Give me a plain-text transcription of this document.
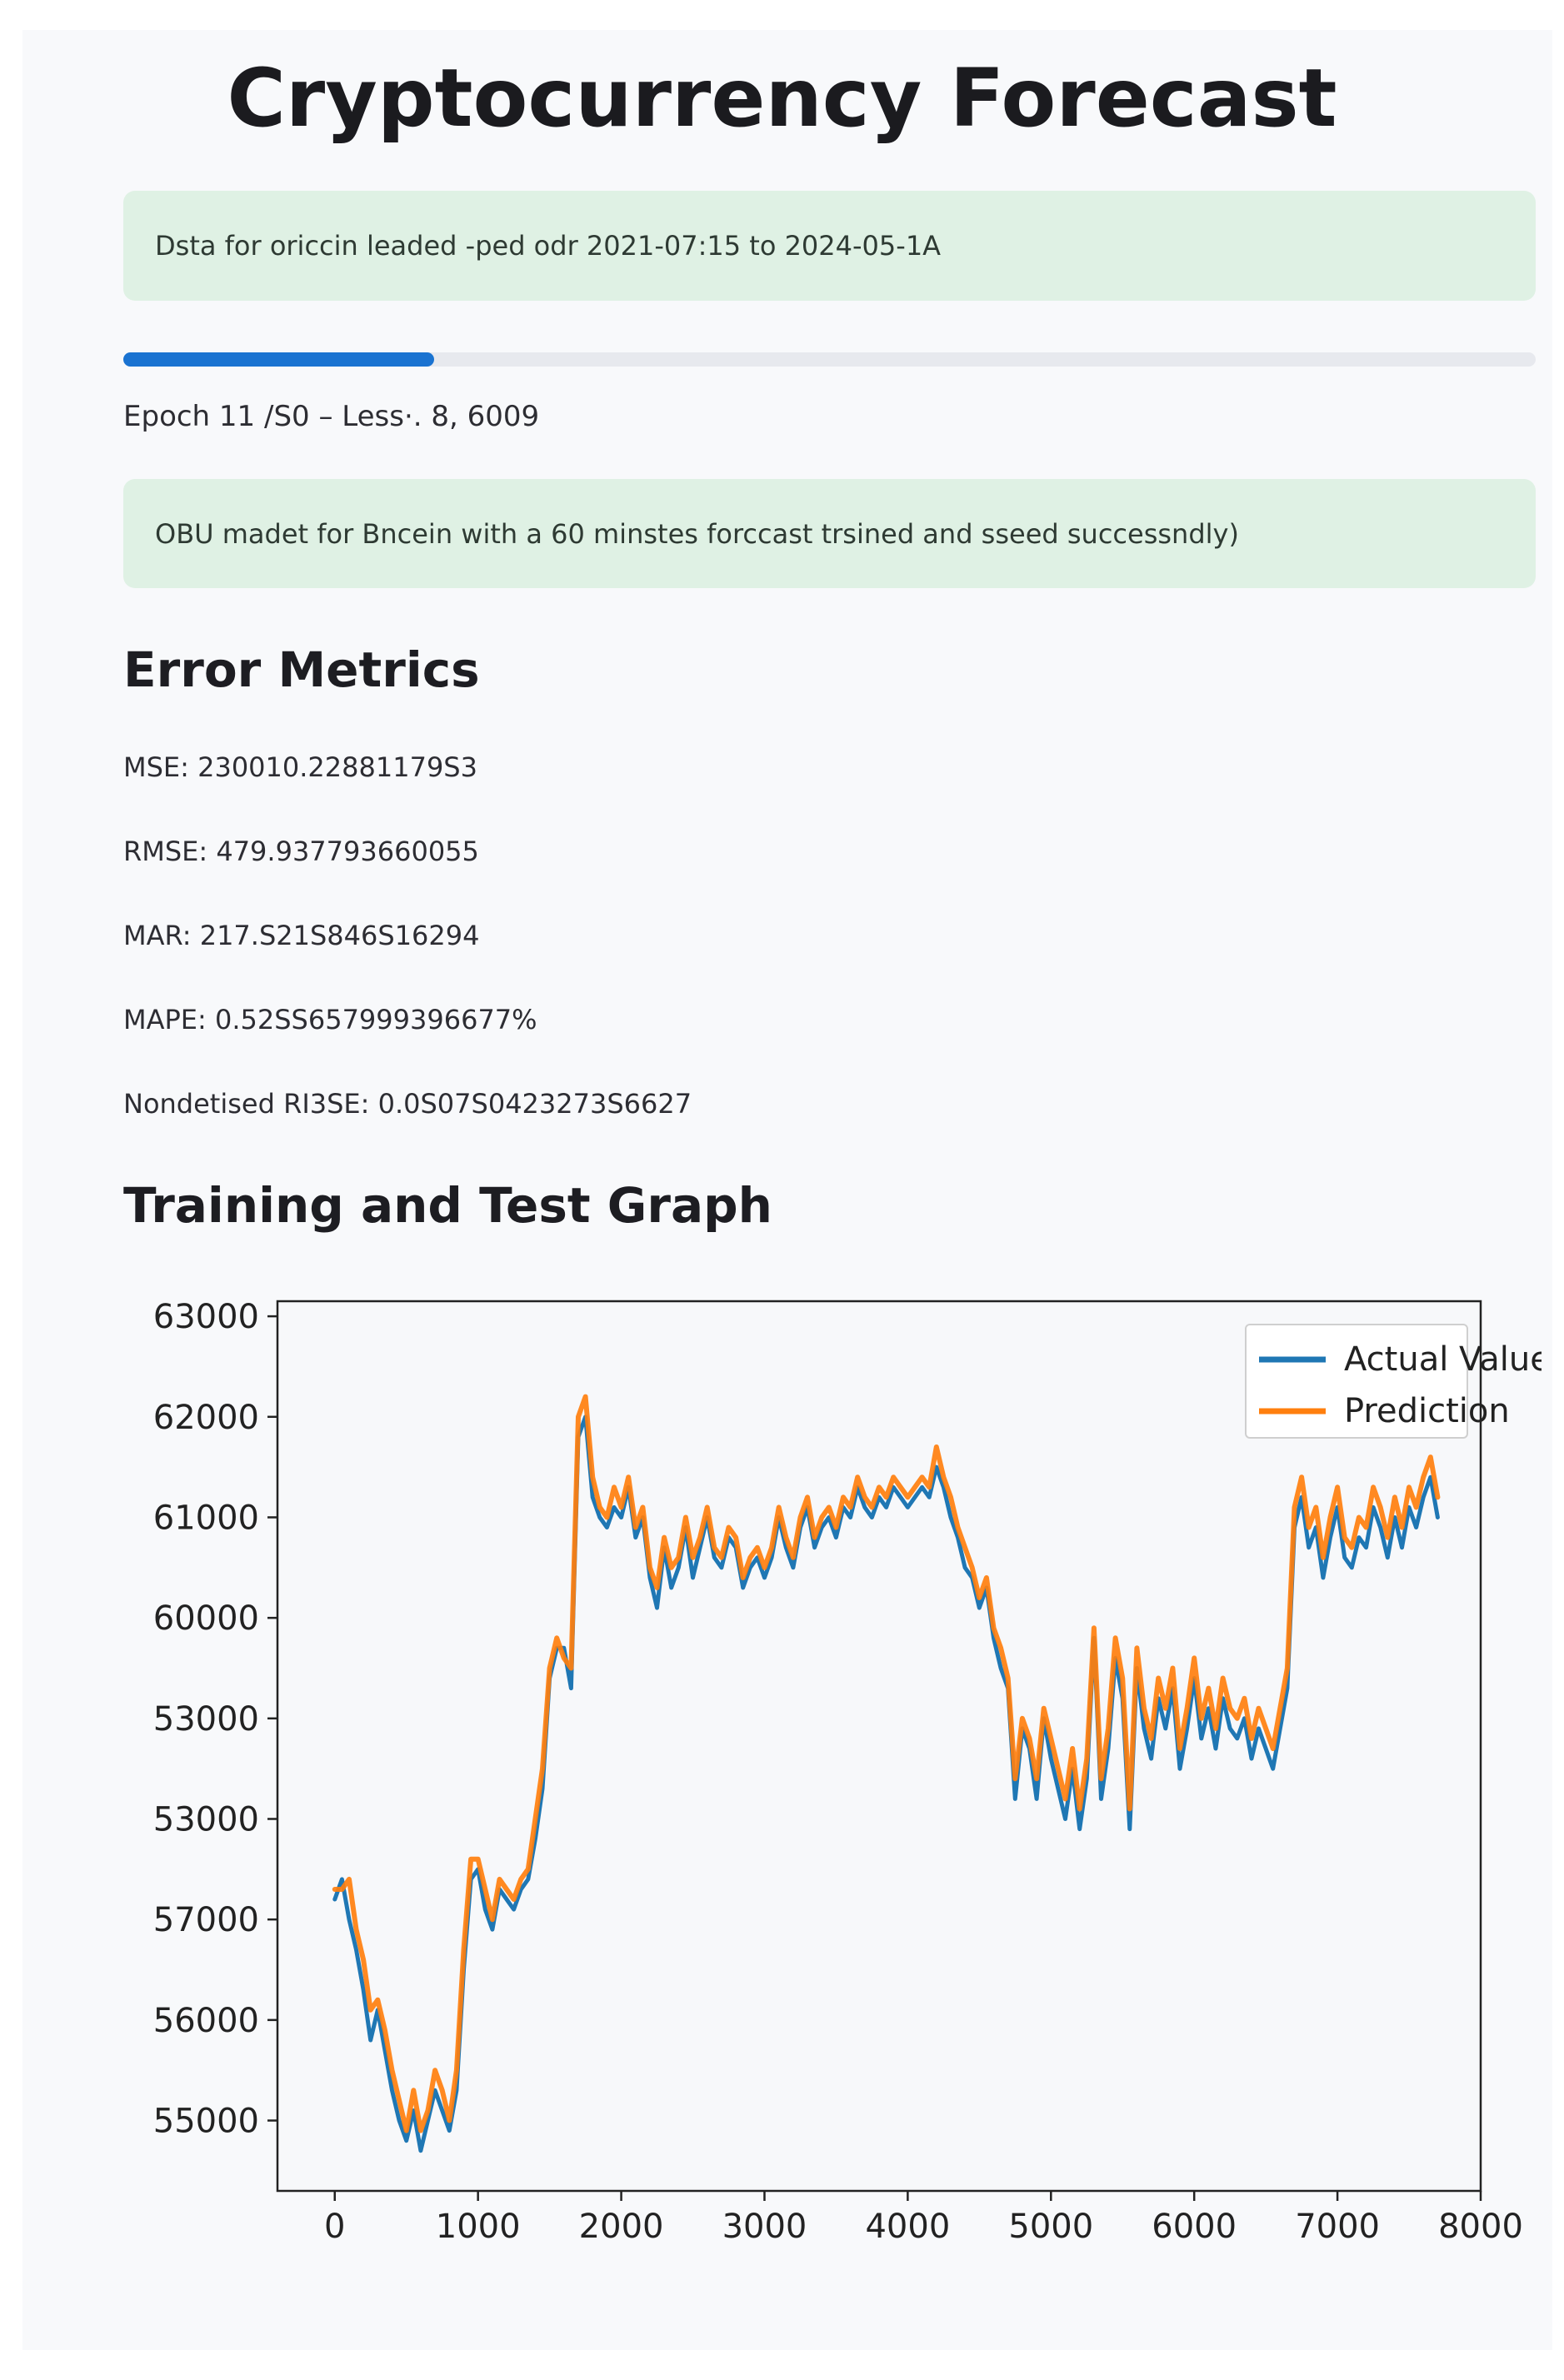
Cryptocurrency Forecast
Dsta for oriccin leaded -ped odr 2021-07:15 to 2024-05-1A
Epoch 11 /S0 – Less·. 8, 6009
OBU madet for Bncein with a 60 minstes forccast trsined and sseed successndly)
Error Metrics
MSE: 230010.22881179S3
RMSE: 479.937793660055
MAR: 217.S21S846S16294
MAPE: 0.52SS657999396677%
Nondetised RI3SE: 0.0S07S0423273S6627
Training and Test Graph
0	1000 2000 3000 4000 5000 6000 7000 8000
55000
56000
57000
53000
53000
60000
61000
62000
63000
Actual Value
Prediction
